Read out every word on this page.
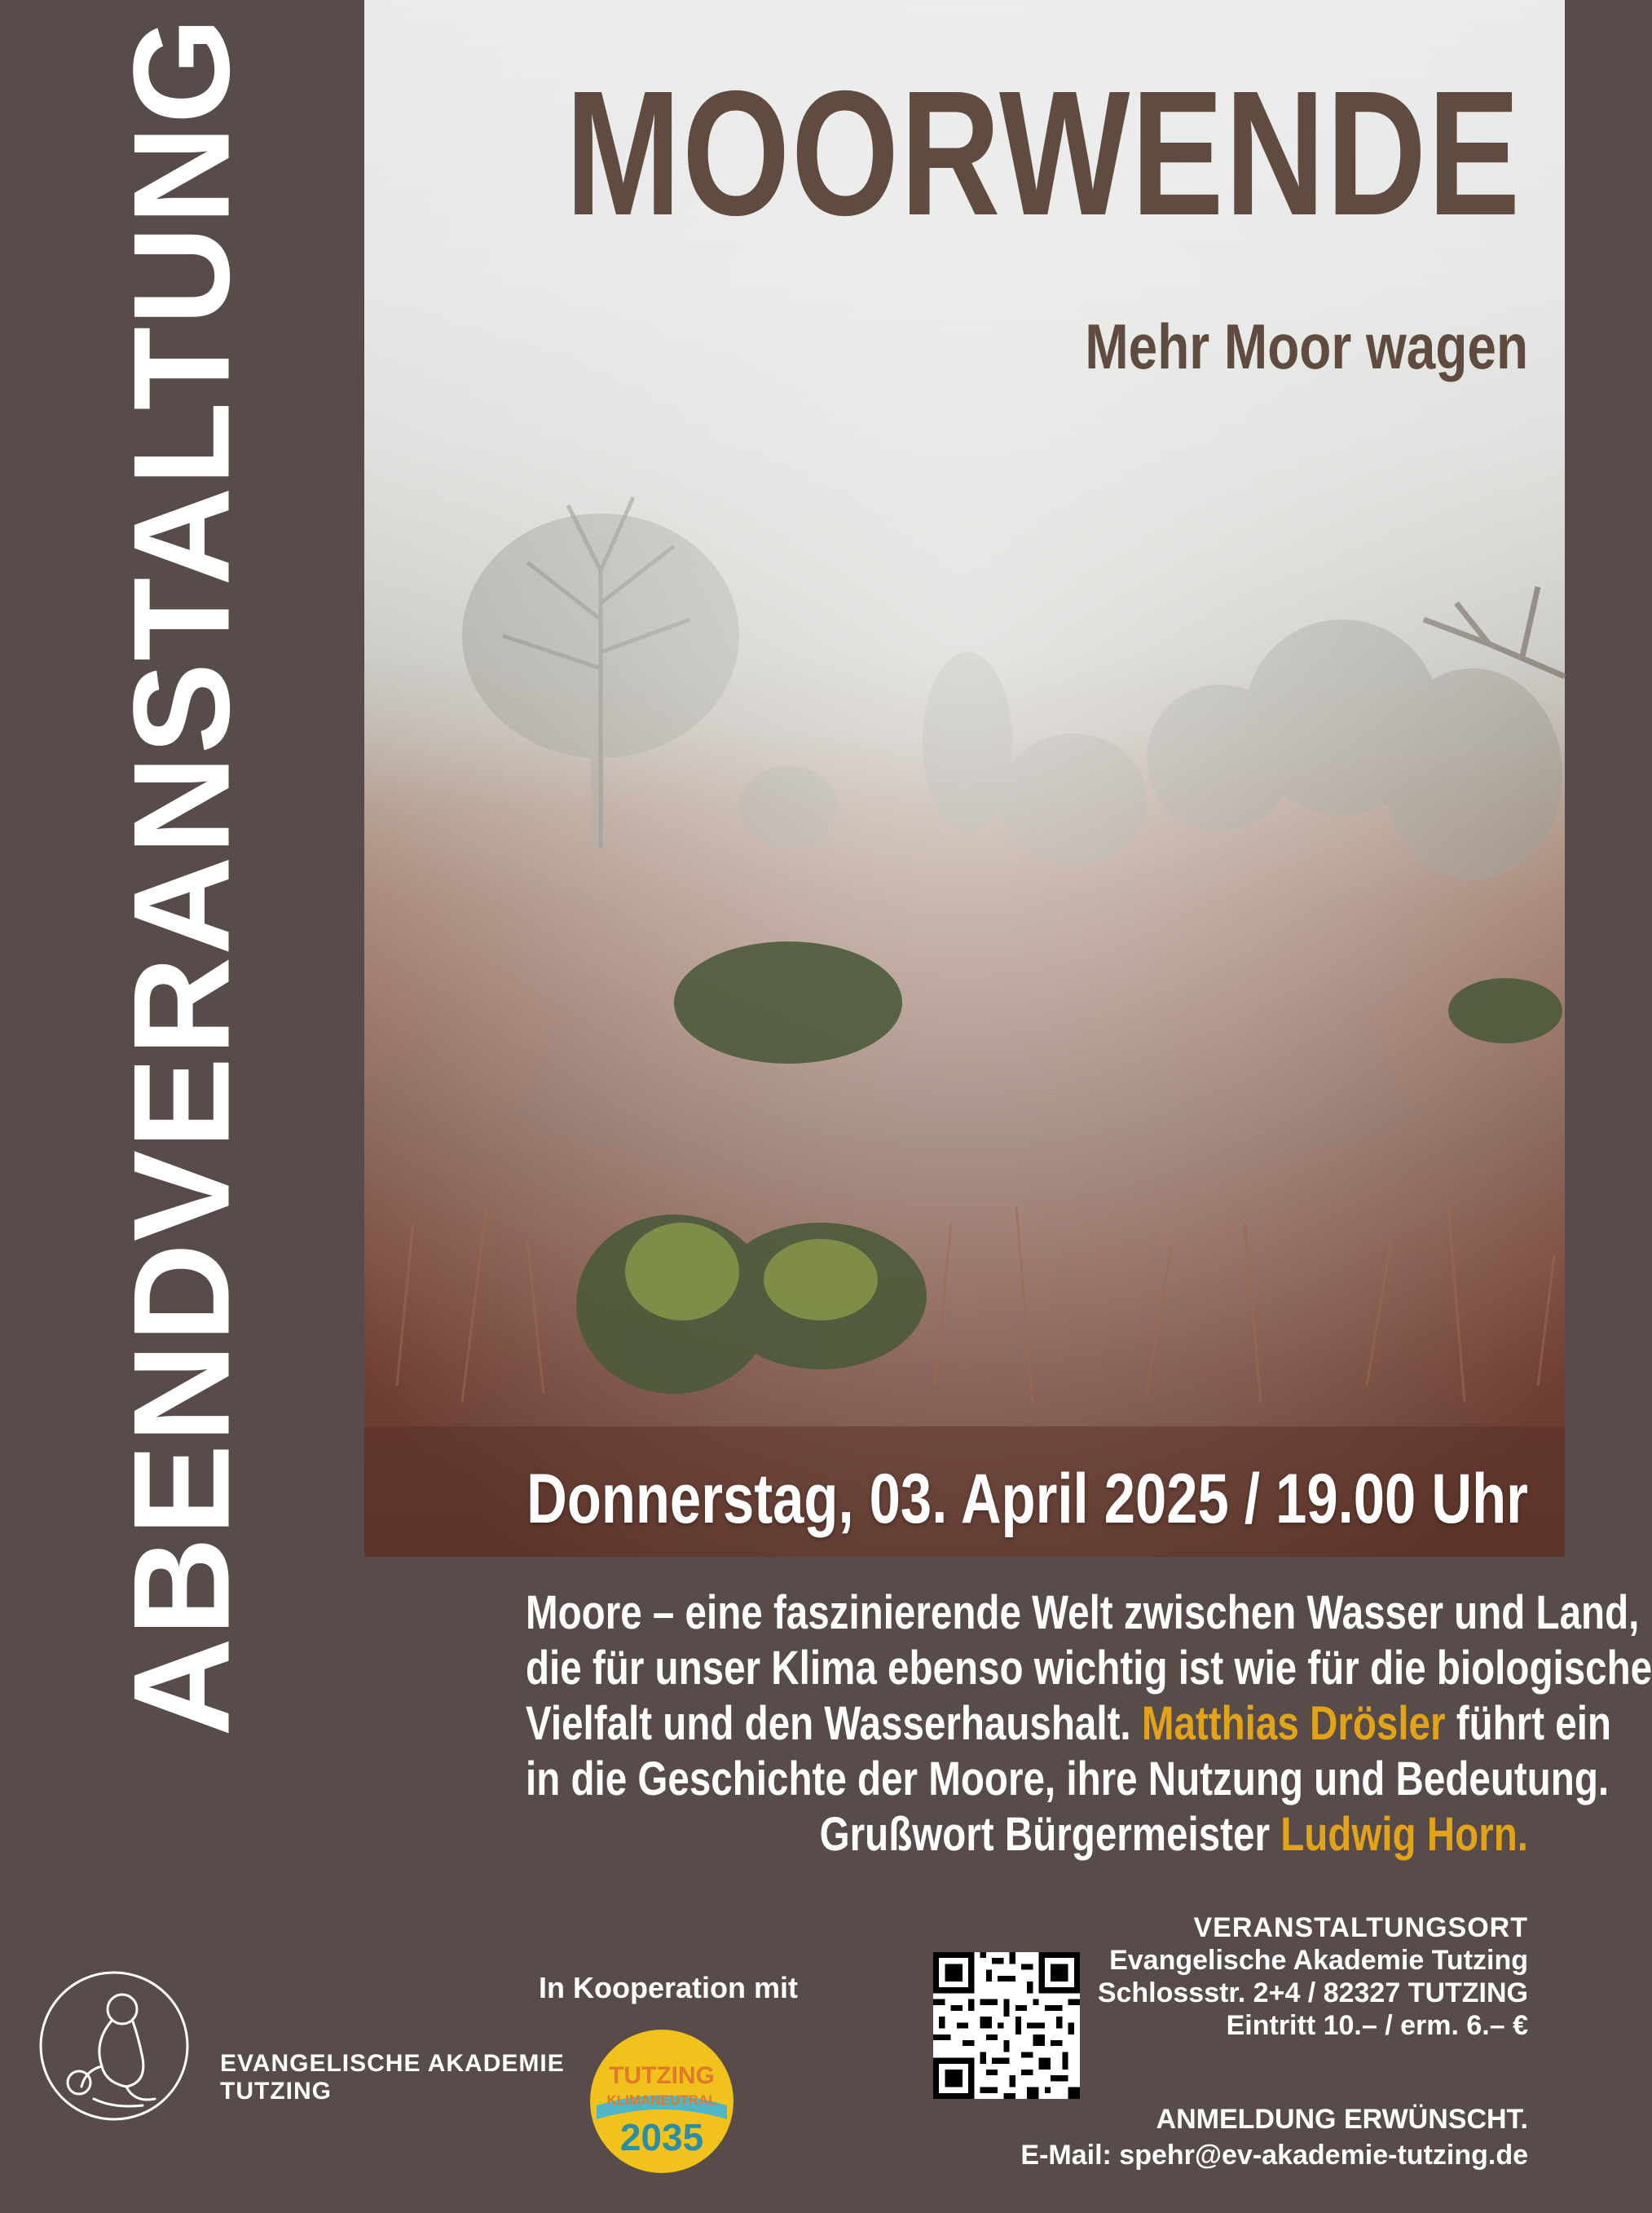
ABENDVERANSTALTUNG MOORWENDE
Mehr Moor wagen
Donnerstag, 03. April 2025 / 19.00 Uhr
Moore – eine faszinierende Welt zwischen Wasser und Land,
die für unser Klima ebenso wichtig ist wie für die biologische
Vielfalt und den Wasserhaushalt. Matthias Drösler führt ein
in die Geschichte der Moore, ihre Nutzung und Bedeutung.
Grußwort Bürgermeister Ludwig Horn.
EVANGELISCHE AKADEMIE
TUTZING
In Kooperation mit
TUTZING
KLIMANEUTRAL
2035
VERANSTALTUNGSORT
Evangelische Akademie Tutzing
Schlossstr. 2+4 / 82327 TUTZING
Eintritt 10.– / erm. 6.– €
ANMELDUNG ERWÜNSCHT.
E-Mail: spehr@ev-akademie-tutzing.de
